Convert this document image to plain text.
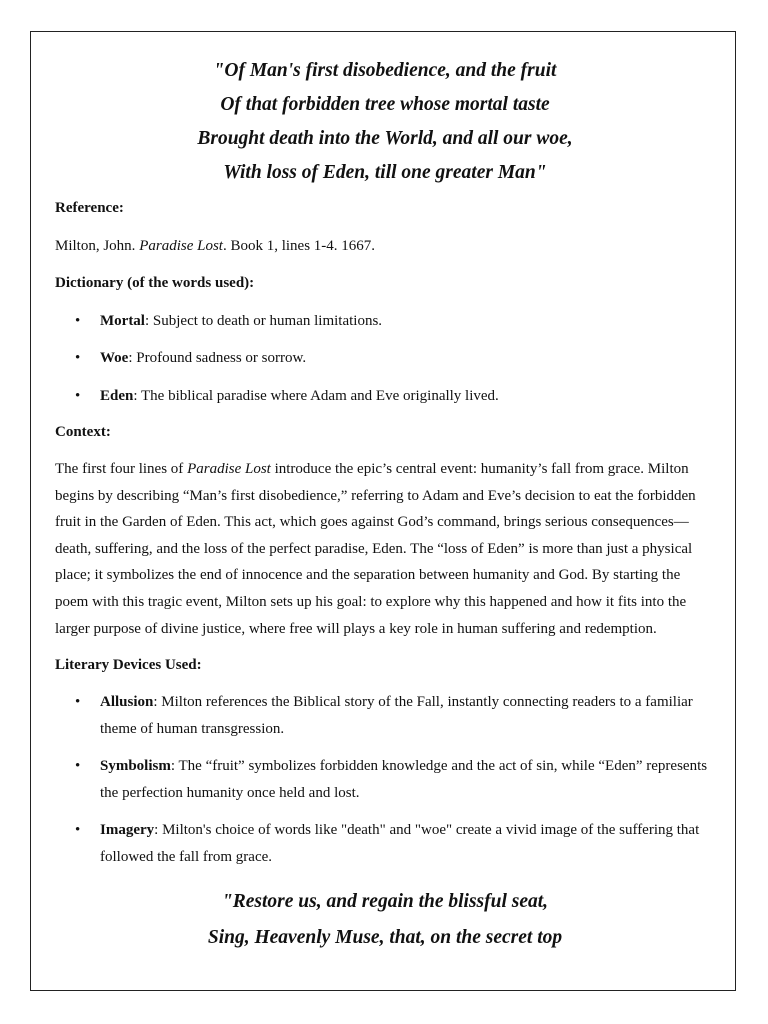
"Of Man's first disobedience, and the fruit
Of that forbidden tree whose mortal taste
Brought death into the World, and all our woe,
With loss of Eden, till one greater Man"

Reference:

Milton, John. Paradise Lost. Book 1, lines 1-4. 1667.

Dictionary (of the words used):

• Mortal: Subject to death or human limitations.
• Woe: Profound sadness or sorrow.
• Eden: The biblical paradise where Adam and Eve originally lived.

Context:

The first four lines of Paradise Lost introduce the epic’s central event: humanity’s fall from grace. Milton begins by describing “Man’s first disobedience,” referring to Adam and Eve’s decision to eat the forbidden fruit in the Garden of Eden. This act, which goes against God’s command, brings serious consequences—death, suffering, and the loss of the perfect paradise, Eden. The “loss of Eden” is more than just a physical place; it symbolizes the end of innocence and the separation between humanity and God. By starting the poem with this tragic event, Milton sets up his goal: to explore why this happened and how it fits into the larger purpose of divine justice, where free will plays a key role in human suffering and redemption.

Literary Devices Used:

• Allusion: Milton references the Biblical story of the Fall, instantly connecting readers to a familiar theme of human transgression.
• Symbolism: The “fruit” symbolizes forbidden knowledge and the act of sin, while “Eden” represents the perfection humanity once held and lost.
• Imagery: Milton's choice of words like "death" and "woe" create a vivid image of the suffering that followed the fall from grace.
"Restore us, and regain the blissful seat,
Sing, Heavenly Muse, that, on the secret top
